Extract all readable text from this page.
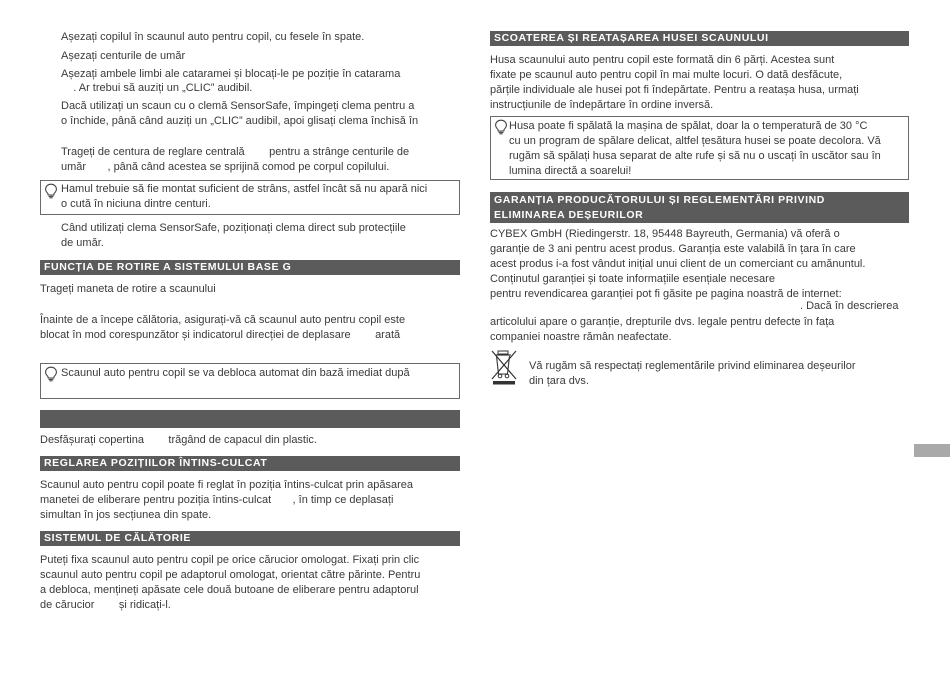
Așezați copilul în scaunul auto pentru copil, cu fesele în spate.

Așezați centurile de umăr

Așezați ambele limbi ale cataramei și blocați-le pe poziție în catarama

. Ar trebui să auziți un „CLIC” audibil.

Dacă utilizați un scaun cu o clemă SensorSafe, împingeți clema pentru a

o închide, până când auziți un „CLIC” audibil, apoi glisați clema închisă în

Trageți de centura de reglare centrală        pentru a strânge centurile de

umăr       , până când acestea se sprijină comod pe corpul copilului.

Hamul trebuie să fie montat suficient de strâns, astfel încât să nu apară nici

o cută în niciuna dintre centuri.

Când utilizați clema SensorSafe, poziționați clema direct sub protecțiile

de umăr.

FUNCȚIA DE ROTIRE A SISTEMULUI BASE G

Trageți maneta de rotire a scaunului

Înainte de a începe călătoria, asigurați-vă că scaunul auto pentru copil este

blocat în mod corespunzător și indicatorul direcției de deplasare        arată

Scaunul auto pentru copil se va debloca automat din bază imediat după

Desfășurați copertina        trăgând de capacul din plastic.

REGLAREA POZIȚIILOR ÎNTINS-CULCAT

Scaunul auto pentru copil poate fi reglat în poziția întins-culcat prin apăsarea

manetei de eliberare pentru poziția întins-culcat       , în timp ce deplasați

simultan în jos secțiunea din spate.

SISTEMUL DE CĂLĂTORIE

Puteți fixa scaunul auto pentru copil pe orice cărucior omologat. Fixați prin clic

scaunul auto pentru copil pe adaptorul omologat, orientat către părinte. Pentru

a debloca, mențineți apăsate cele două butoane de eliberare pentru adaptorul

de cărucior        și ridicați-l.

SCOATEREA ȘI REATAȘAREA HUSEI SCAUNULUI

Husa scaunului auto pentru copil este formată din 6 părți. Acestea sunt

fixate pe scaunul auto pentru copil în mai multe locuri. O dată desfăcute,

părțile individuale ale husei pot fi îndepărtate. Pentru a reatașa husa, urmați

instrucțiunile de îndepărtare în ordine inversă.

Husa poate fi spălată la mașina de spălat, doar la o temperatură de 30 °C

cu un program de spălare delicat, altfel țesătura husei se poate decolora. Vă

rugăm să spălați husa separat de alte rufe și să nu o uscați în uscător sau în

lumina directă a soarelui!

GARANȚIA PRODUCĂTORULUI ȘI REGLEMENTĂRI PRIVIND
ELIMINAREA DEȘEURILOR

CYBEX GmbH (Riedingerstr. 18, 95448 Bayreuth, Germania) vă oferă o

garanție de 3 ani pentru acest produs. Garanția este valabilă în țara în care

acest produs i-a fost vândut inițial unui client de un comerciant cu amănuntul.

Conținutul garanției și toate informațiile esențiale necesare

pentru revendicarea garanției pot fi găsite pe pagina noastră de internet:

. Dacă în descrierea

articolului apare o garanție, drepturile dvs. legale pentru defecte în fața

companiei noastre rămân neafectate.

Vă rugăm să respectați reglementările privind eliminarea deșeurilor

din țara dvs.
